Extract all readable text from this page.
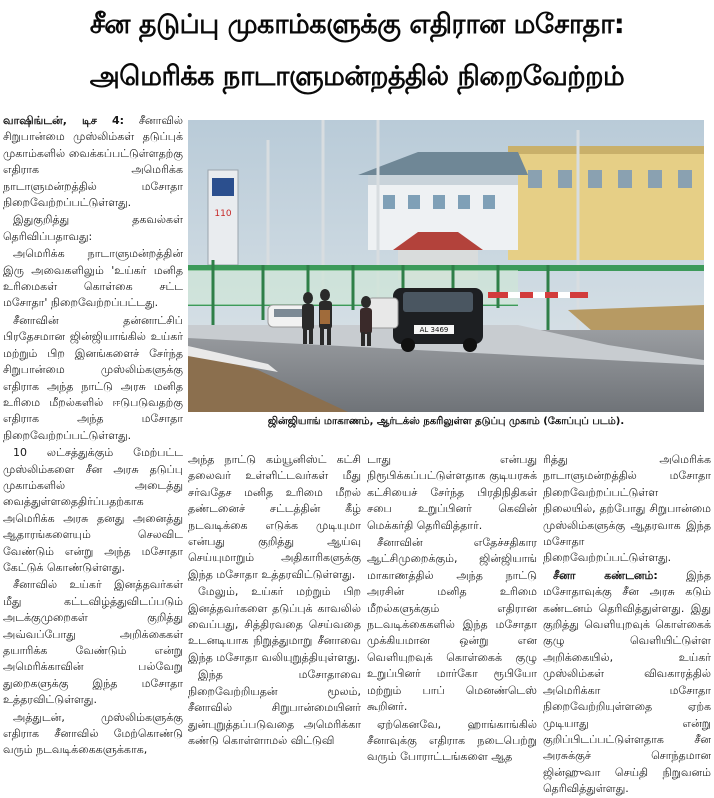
சீன தடுப்பு முகாம்களுக்கு எதிரான மசோதா:
அமெரிக்க நாடாளுமன்றத்தில் நிறைவேற்றம்

வாஷிங்டன், டிச 4: சீனாவில் சிறுபான்மை முஸ்லிம்கள் தடுப்புக் முகாம்களில் வைக்கப்பட்டுள்ளதற்கு எதிராக அமெரிக்க நாடாளுமன்றத்தில் மசோதா நிறைவேற்றப்பட்டுள்ளது.

இதுகுறித்து தகவல்கள் தெரிவிப்பதாவது:

அமெரிக்க நாடாளுமன்றத்தின் இரு அவைகளிலும் 'உய்கர் மனித உரிமைகள் கொள்கை சட்ட மசோதா' நிறைவேற்றப்பட்டது.

சீனாவின் தன்னாட்சிப் பிரதேசமான ஜின்ஜியாங்கில் உய்கர் மற்றும் பிற இனங்களைச் சேர்ந்த சிறுபான்மை முஸ்லிம்களுக்கு எதிராக அந்த நாட்டு அரசு மனித உரிமை மீறல்களில் ஈடுபடுவதற்கு எதிராக அந்த மசோதா நிறைவேற்றப்பட்டுள்ளது.

10 லட்சத்துக்கும் மேற்பட்ட முஸ்லிம்களை சீன அரசு தடுப்பு முகாம்களில் அடைத்து வைத்துள்ளதைதிர்ப்பதற்காக அமெரிக்க அரசு தனது அனைத்து ஆதாரங்களையும் செலவிட வேண்டும் என்று அந்த மசோதா கேட்டுக் கொண்டுள்ளது.

சீனாவில் உய்கர் இனத்தவர்கள் மீது கட்டவிழ்த்துவிடப்படும் அடக்குமுறைகள் குறித்து அவ்வப்போது அறிக்கைகள் தயாரிக்க வேண்டும் என்று அமெரிக்காவின் பல்வேறு துறைகளுக்கு இந்த மசோதா உத்தரவிட்டுள்ளது.

அத்துடன், முஸ்லிம்களுக்கு எதிராக சீனாவில் மேற்கொண்டு வரும் நடவடிக்கைகளுக்காக,

110
AL 3469
ஜின்ஜியாங் மாகாணம், ஆர்டக்ஸ் நகரிலுள்ள தடுப்பு முகாம் (கோப்புப் படம்).

அந்த நாட்டு கம்யூனிஸ்ட் கட்சி தலைவர் உள்ளிட்டவர்கள் மீது சர்வதேச மனித உரிமை மீறல் தண்டனைச் சட்டத்தின் கீழ் நடவடிக்கை எடுக்க முடியுமா என்பது குறித்து ஆய்வு செய்யுமாறும் அதிகாரிகளுக்கு இந்த மசோதா உத்தரவிட்டுள்ளது.

மேலும், உய்கர் மற்றும் பிற இனத்தவர்களை தடுப்புக் காவலில் வைப்பது, சித்திரவதை செய்வதை உடனடியாக நிறுத்துமாறு சீனாவை இந்த மசோதா வலியுறுத்தியுள்ளது.

இந்த மசோதாவை நிறைவேற்றியதன் மூலம், சீனாவில் சிறுபான்மையினர் துன்புறுத்தப்படுவதை அமெரிக்கா கண்டு கொள்ளாமல் விட்டுவி

டாது என்பது நிரூபிக்கப்பட்டுள்ளதாக குடியரசுக் கட்சியைச் சேர்ந்த பிரதிநிதிகள் சபை உறுப்பினர் கெவின் மெக்கர்தி தெரிவித்தார்.

சீனாவின் எதேச்சதிகார ஆட்சிமுறைக்கும், ஜின்ஜியாங் மாகாணத்தில் அந்த நாட்டு அரசின் மனித உரிமை மீறல்களுக்கும் எதிரான நடவடிக்கைகளில் இந்த மசோதா முக்கியமான ஒன்று என வெளியுறவுக் கொள்கைக் குழு உறுப்பினர் மார்கோ ரூபியோ மற்றும் பாப் மெனண்டெஸ் கூறினர்.

ஏற்கெனவே, ஹாங்காங்கில் சீனாவுக்கு எதிராக நடைபெற்று வரும் போராட்டங்களை ஆத

ரித்து அமெரிக்க நாடாளுமன்றத்தில் மசோதா நிறைவேற்றப்பட்டுள்ள நிலையில், தற்போது சிறுபான்மை முஸ்லிம்களுக்கு ஆதரவாக இந்த மசோதா நிறைவேற்றப்பட்டுள்ளது.

சீனா கண்டனம்:	இந்த மசோதாவுக்கு சீன அரசு கடும் கண்டனம் தெரிவித்துள்ளது. இது குறித்து வெளியுறவுக் கொள்கைக் குழு வெளியிட்டுள்ள அறிக்கையில், உய்கர் முஸ்லிம்கள் விவகாரத்தில் அமெரிக்கா மசோதா நிறைவேற்றியுள்ளதை ஏற்க முடியாது என்று குறிப்பிடப்பட்டுள்ளதாக சீன அரசுக்குச் சொந்தமான ஜின்ஹுவா செய்தி நிறுவனம் தெரிவித்துள்ளது.
